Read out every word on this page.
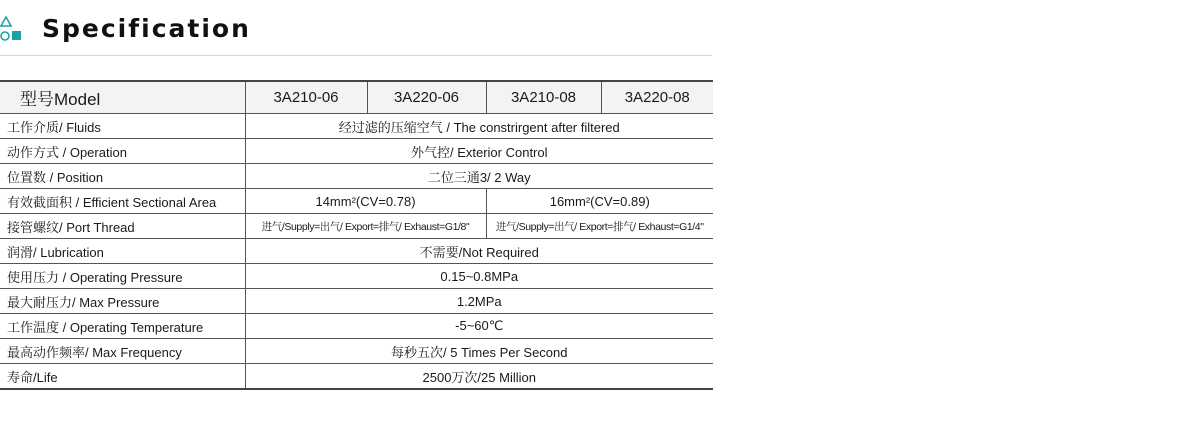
Specification
型号Model	3A210-06	3A220-06	3A210-08	3A220-08
工作介质/ Fluids	经过滤的压缩空气 / The constrirgent after filtered			
动作方式 / Operation	外气控/ Exterior Control			
位置数 / Position	二位三通3/ 2 Way			
有效截面积 / Efficient Sectional Area	14mm²(CV=0.78)		16mm²(CV=0.89)	
接管螺纹/ Port Thread	进气/Supply=出气/ Export=排气/ Exhaust=G1/8"		进气/Supply=出气/ Export=排气/ Exhaust=G1/4"	
润滑/ Lubrication	不需要/Not Required			
使用压力 / Operating Pressure	0.15~0.8MPa			
最大耐压力/ Max Pressure	1.2MPa			
工作温度 / Operating Temperature	-5~60℃			
最高动作频率/ Max Frequency	每秒五次/ 5 Times Per Second			
寿命/Life	2500万次/25 Million			
